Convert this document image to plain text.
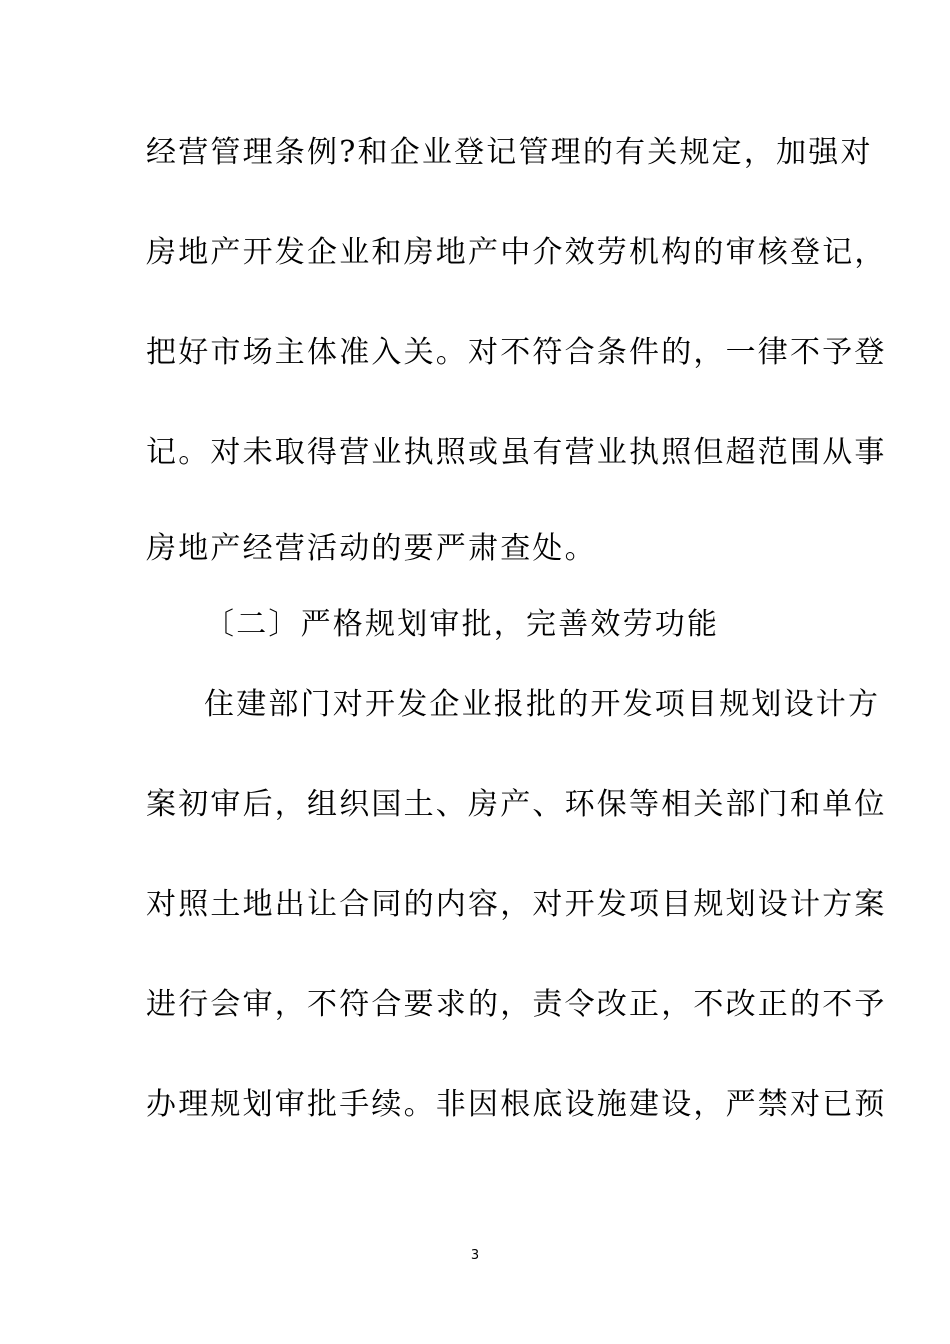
经营管理条例?和企业登记管理的有关规定，加强对
房地产开发企业和房地产中介效劳机构的审核登记，
把好市场主体准入关。对不符合条件的，一律不予登
记。对未取得营业执照或虽有营业执照但超范围从事
房地产经营活动的要严肃查处。
〔二〕严格规划审批，完善效劳功能
住建部门对开发企业报批的开发项目规划设计方
案初审后，组织国土、房产、环保等相关部门和单位
对照土地出让合同的内容，对开发项目规划设计方案
进行会审，不符合要求的，责令改正，不改正的不予
办理规划审批手续。非因根底设施建设，严禁对已预
3
